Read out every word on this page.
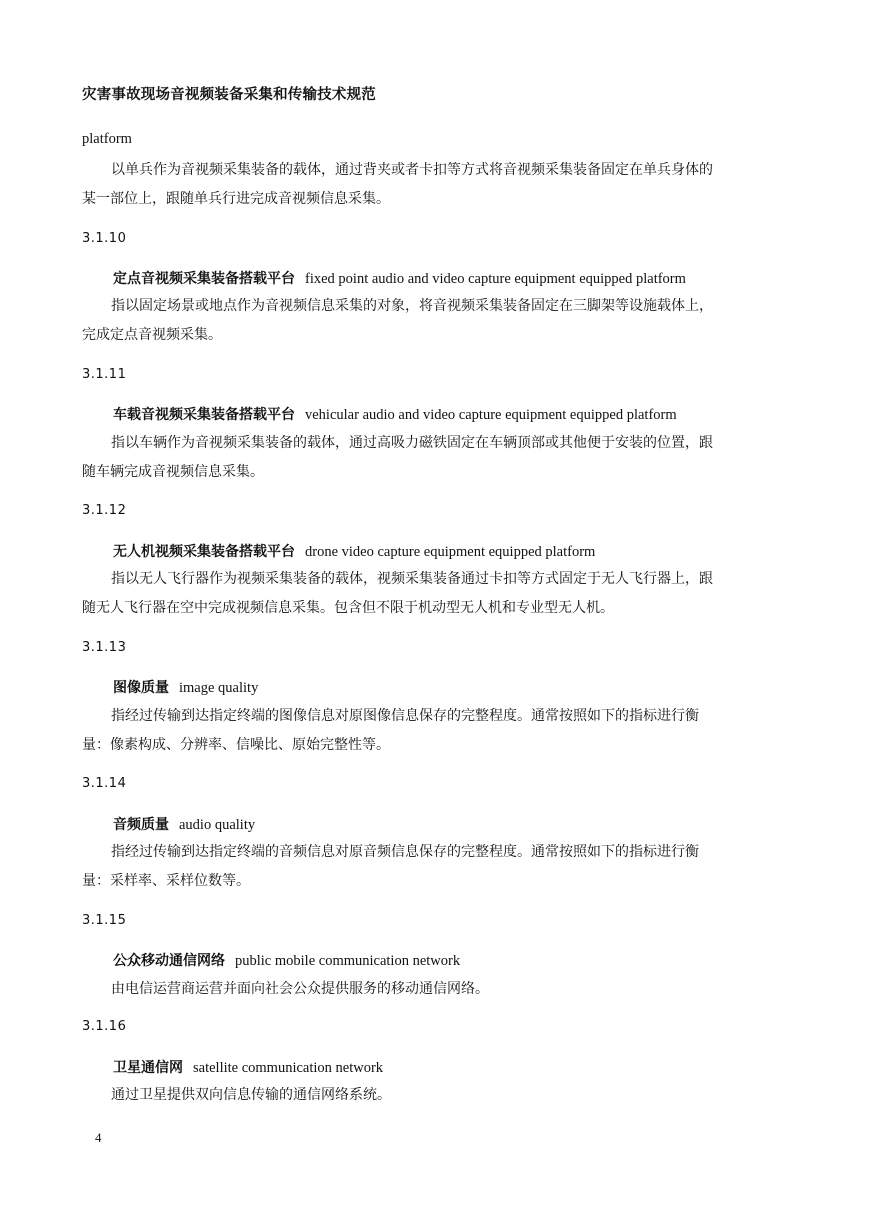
灾害事故现场音视频装备采集和传输技术规范
platform
以单兵作为音视频采集装备的载体，通过背夹或者卡扣等方式将音视频采集装备固定在单兵身体的
某一部位上，跟随单兵行进完成音视频信息采集。
3.1.10
定点音视频采集装备搭载平台 fixed point audio and video capture equipment equipped platform
指以固定场景或地点作为音视频信息采集的对象，将音视频采集装备固定在三脚架等设施载体上，
完成定点音视频采集。
3.1.11
车载音视频采集装备搭载平台 vehicular audio and video capture equipment equipped platform
指以车辆作为音视频采集装备的载体，通过高吸力磁铁固定在车辆顶部或其他便于安装的位置，跟
随车辆完成音视频信息采集。
3.1.12
无人机视频采集装备搭载平台 drone video capture equipment equipped platform
指以无人飞行器作为视频采集装备的载体，视频采集装备通过卡扣等方式固定于无人飞行器上，跟
随无人飞行器在空中完成视频信息采集。包含但不限于机动型无人机和专业型无人机。
3.1.13
图像质量 image quality
指经过传输到达指定终端的图像信息对原图像信息保存的完整程度。通常按照如下的指标进行衡
量：像素构成、分辨率、信噪比、原始完整性等。
3.1.14
音频质量 audio quality
指经过传输到达指定终端的音频信息对原音频信息保存的完整程度。通常按照如下的指标进行衡
量：采样率、采样位数等。
3.1.15
公众移动通信网络 public mobile communication network
由电信运营商运营并面向社会公众提供服务的移动通信网络。
3.1.16
卫星通信网 satellite communication network
通过卫星提供双向信息传输的通信网络系统。
4
